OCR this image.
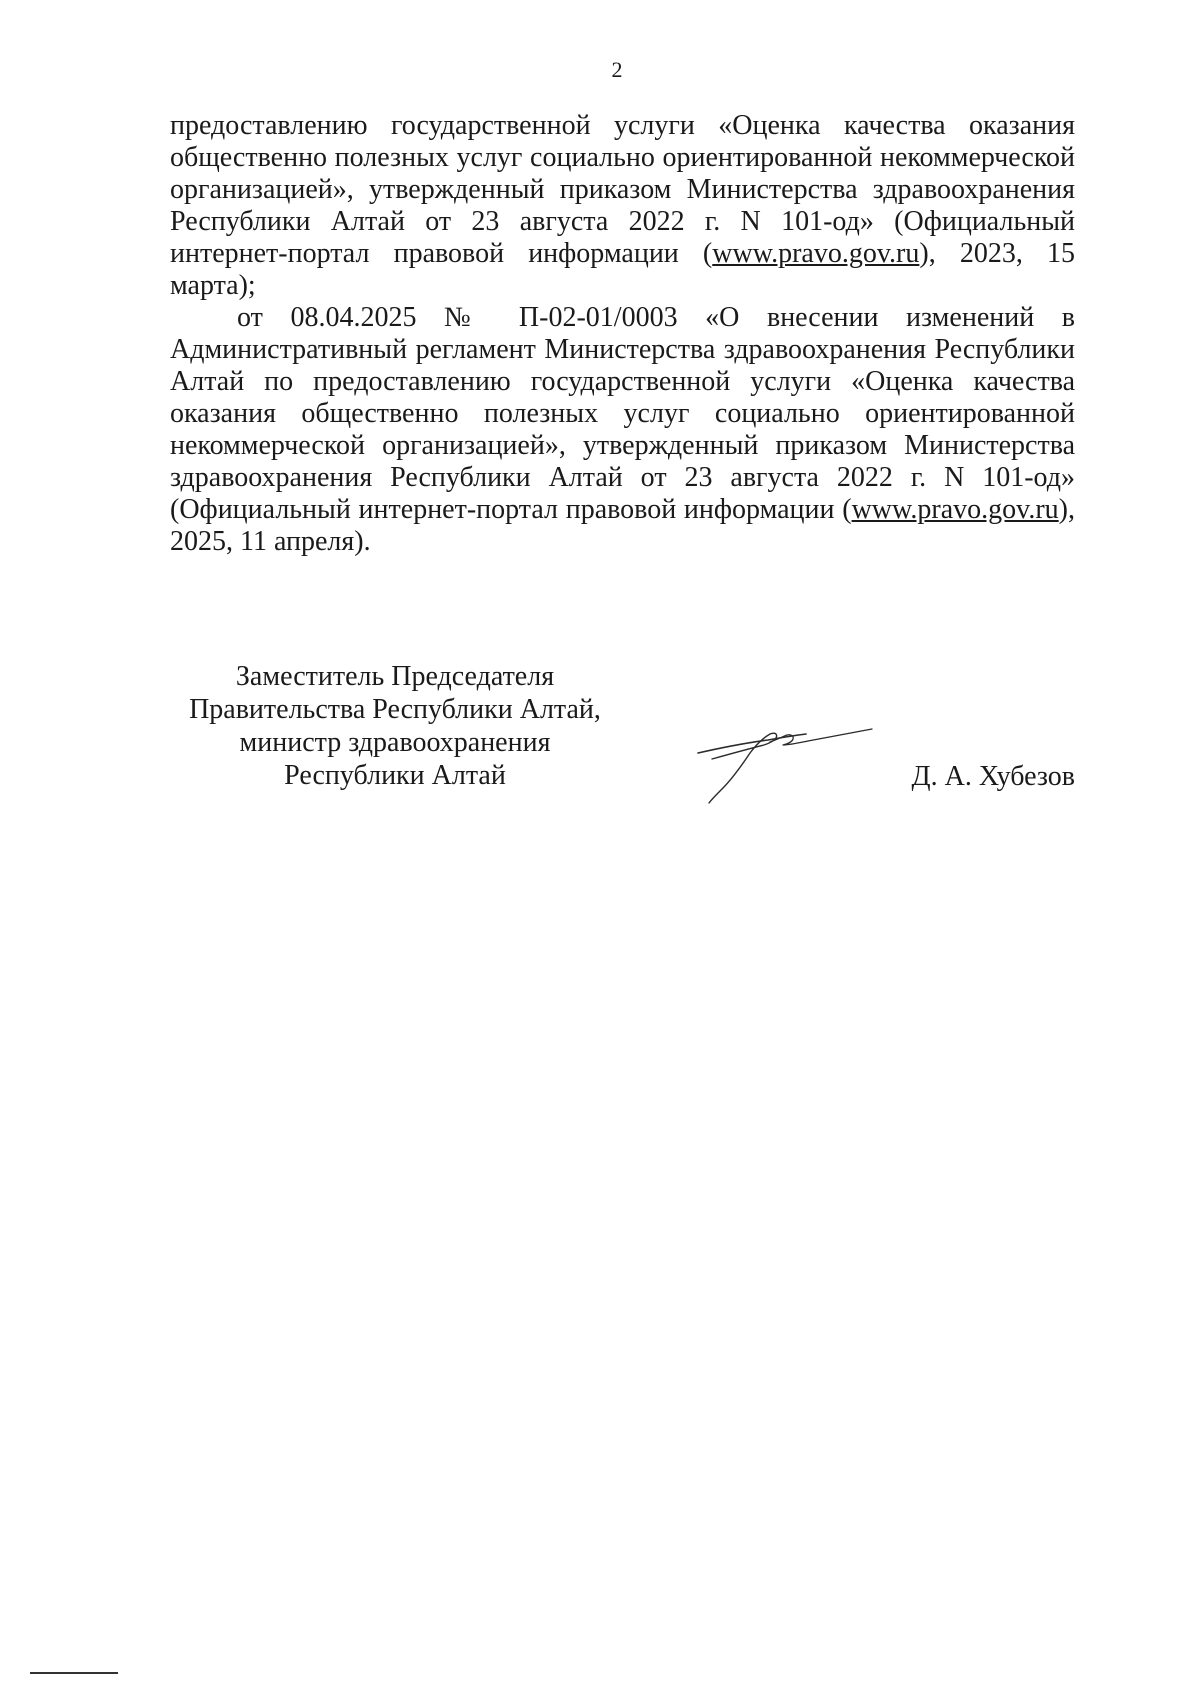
2

предоставлению государственной услуги «Оценка качества оказания общественно полезных услуг социально ориентированной некоммерческой организацией», утвержденный приказом Министерства здравоохранения Республики Алтай от 23 августа 2022 г. N 101-од» (Официальный интернет-портал правовой информации (www.pravo.gov.ru), 2023, 15 марта);

от 08.04.2025 № П-02-01/0003 «О внесении изменений в Административный регламент Министерства здравоохранения Республики Алтай по предоставлению государственной услуги «Оценка качества оказания общественно полезных услуг социально ориентированной некоммерческой организацией», утвержденный приказом Министерства здравоохранения Республики Алтай от 23 августа 2022 г. N 101-од» (Официальный интернет-портал правовой информации (www.pravo.gov.ru), 2025, 11 апреля).

Заместитель Председателя
Правительства Республики Алтай,
министр здравоохранения
Республики Алтай	Д. А. Хубезов
